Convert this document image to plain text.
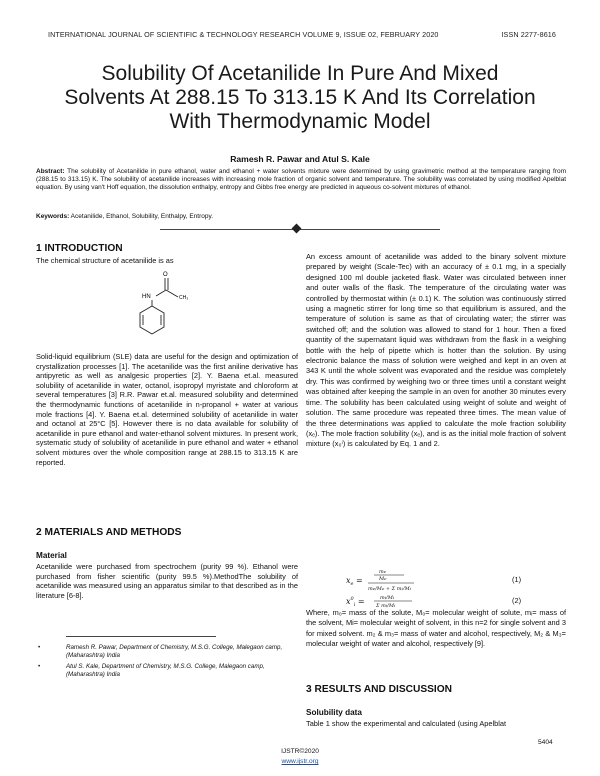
INTERNATIONAL JOURNAL OF SCIENTIFIC & TECHNOLOGY RESEARCH VOLUME 9, ISSUE 02, FEBRUARY 2020	ISSN 2277-8616
Solubility Of Acetanilide In Pure And Mixed
Solvents At 288.15 To 313.15 K And Its Correlation
With Thermodynamic Model
Ramesh R. Pawar and Atul S. Kale
Abstract: The solubility of Acetanilide in pure ethanol, water and ethanol + water solvents mixture were determined by using gravimetric method at the temperature ranging from (288.15 to 313.15) K. The solubility of acetanilide increases with increasing mole fraction of organic solvent and temperature. The solubility was correlated by using modified Apelblat equation. By using van't Hoff equation, the dissolution enthalpy, entropy and Gibbs free energy are predicted in aqueous co-solvent mixtures of ethanol.
Keywords: Acetanilide, Ethanol, Solubility, Enthalpy, Entropy.
1 INTRODUCTION
The chemical structure of acetanilide is as
O
HN	CH₃
Solid-liquid equilibrium (SLE) data are useful for the design and optimization of crystallization processes [1]. The acetanilide was the first aniline derivative has antipyretic as well as analgesic properties [2]. Y. Baena et.al. measured solubility of acetanilide in water, octanol, isopropyl myristate and chloroform at several temperatures [3] R.R. Pawar et.al. measured solubility and determined the thermodynamic functions of acetanilide in n-propanol + water at various mole fractions [4]. Y. Baena et.al. determined solubility of acetanilide in water and octanol at 25°C [5]. However there is no data available for solubility of acetanilide in pure ethanol and water-ethanol solvent mixtures. In present work, systematic study of solubility of acetanilide in pure ethanol and water + ethanol solvent mixtures over the whole composition range at 288.15 to 313.15 K are reported.
2 MATERIALS AND METHODS
Material
Acetanilide were purchased from spectrochem (purity 99 %). Ethanol were purchased from fisher scientific (purity 99.5 %).MethodThe solubility of acetanilide was measured using an apparatus similar to that described as in the literature [6-8].
•	Ramesh R. Pawar, Department of Chemistry, M.S.G. College, Malegaon camp, (Maharashtra) India
•	Atul S. Kale, Department of Chemistry, M.S.G. College, Malegaon camp, (Maharashtra) India
An excess amount of acetanilide was added to the binary solvent mixture prepared by weight (Scale-Tec) with an accuracy of ± 0.1 mg, in a specially designed 100 ml double jacketed flask. Water was circulated between inner and outer walls of the flask. The temperature of the circulating water was controlled by thermostat within (± 0.1) K. The solution was continuously stirred using a magnetic stirrer for long time so that equilibrium is assured, and the temperature of solution is same as that of circulating water; the stirrer was switched off; and the solution was allowed to stand for 1 hour. Then a fixed quantity of the supernatant liquid was withdrawn from the flask in a weighing bottle with the help of pipette which is hotter than the solution. By using electronic balance the mass of solution were weighed and kept in an oven at 343 K until the whole solvent was evaporated and the residue was completely dry. This was confirmed by weighing two or three times until a constant weight was obtained after keeping the sample in an oven for another 30 minutes every time. The solubility has been calculated using weight of solute and weight of solution. The same procedure was repeated three times. The mean value of the three determinations was applied to calculate the mole fraction solubility (xₑ). The mole fraction solubility (xₑ), and is as the initial mole fraction of solvent mixture (x₀ⁱ) is calculated by Eq. 1 and 2.
$x_e$ =
me
Me
me/Me + Σ mi/Mi
(1)
$x^0_i$ =	mi/Mi
Σ mi/Mi
(2)
Where, m₀= mass of the solute, M₀= molecular weight of solute, mᵢ= mass of the solvent, Mi= molecular weight of solvent, in this n=2 for single solvent and 3 for mixed solvent. m₂ & m₃= mass of water and alcohol, respectively, M₂ & M₃= molecular weight of water and alcohol, respectively [9].
3 RESULTS AND DISCUSSION
Solubility data
Table 1 show the experimental and calculated (using Apelblat
5404
IJSTR©2020
www.ijstr.org
